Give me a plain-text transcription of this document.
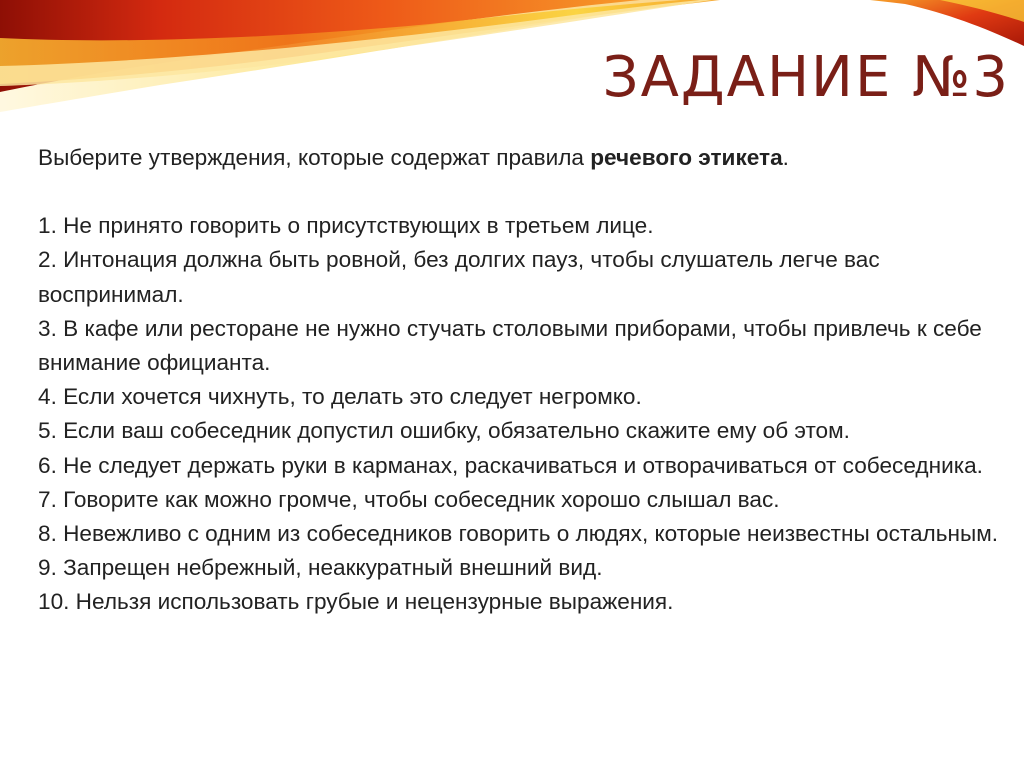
ЗАДАНИЕ №3

Выберите утверждения, которые содержат правила речевого этикета.

1. Не принято говорить о присутствующих в третьем лице.
2. Интонация должна быть ровной, без долгих пауз, чтобы слушатель легче вас воспринимал.
3. В кафе или ресторане не нужно стучать столовыми приборами, чтобы привлечь к себе внимание официанта.
4. Если хочется чихнуть, то делать это следует негромко.
5. Если ваш собеседник допустил ошибку, обязательно скажите ему об этом.
6. Не следует держать руки в карманах, раскачиваться и отворачиваться от собеседника.
7. Говорите как можно громче, чтобы собеседник хорошо слышал вас.
8. Невежливо с одним из собеседников говорить о людях, которые неизвестны остальным.
9. Запрещен небрежный, неаккуратный внешний вид.
10. Нельзя использовать грубые и нецензурные выражения.
